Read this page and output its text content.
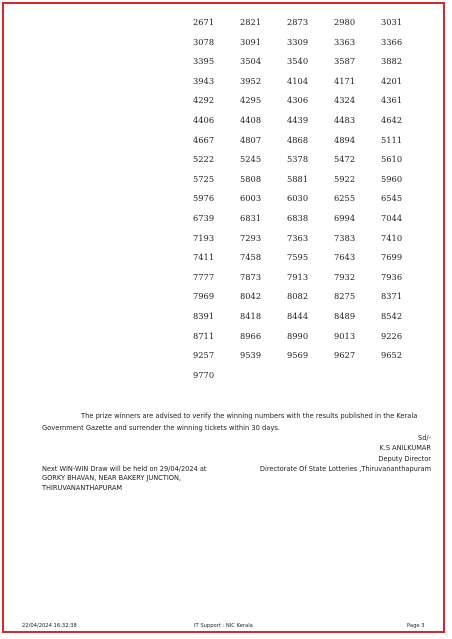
2671	2821	2873	2980	3031
3078	3091	3309	3363	3366
3395	3504	3540	3587	3882
3943	3952	4104	4171	4201
4292	4295	4306	4324	4361
4406	4408	4439	4483	4642
4667	4807	4868	4894	5111
5222	5245	5378	5472	5610
5725	5808	5881	5922	5960
5976	6003	6030	6255	6545
6739	6831	6838	6994	7044
7193	7293	7363	7383	7410
7411	7458	7595	7643	7699
7777	7873	7913	7932	7936
7969	8042	8082	8275	8371
8391	8418	8444	8489	8542
8711	8966	8990	9013	9226
9257	9539	9569	9627	9652
9770
The prize winners are advised to verify the winning numbers with the results published in the Kerala Government Gazette and surrender the winning tickets within 30 days.
Sd/-
K.S ANILKUMAR
Deputy Director
Directorate Of State Lotteries ,Thiruvananthapuram
Next WIN-WIN Draw will be held on 29/04/2024 at
GORKY BHAVAN, NEAR BAKERY JUNCTION,
THIRUVANANTHAPURAM
22/04/2024 16:32:38	IT Support : NIC Kerala	Page 3
